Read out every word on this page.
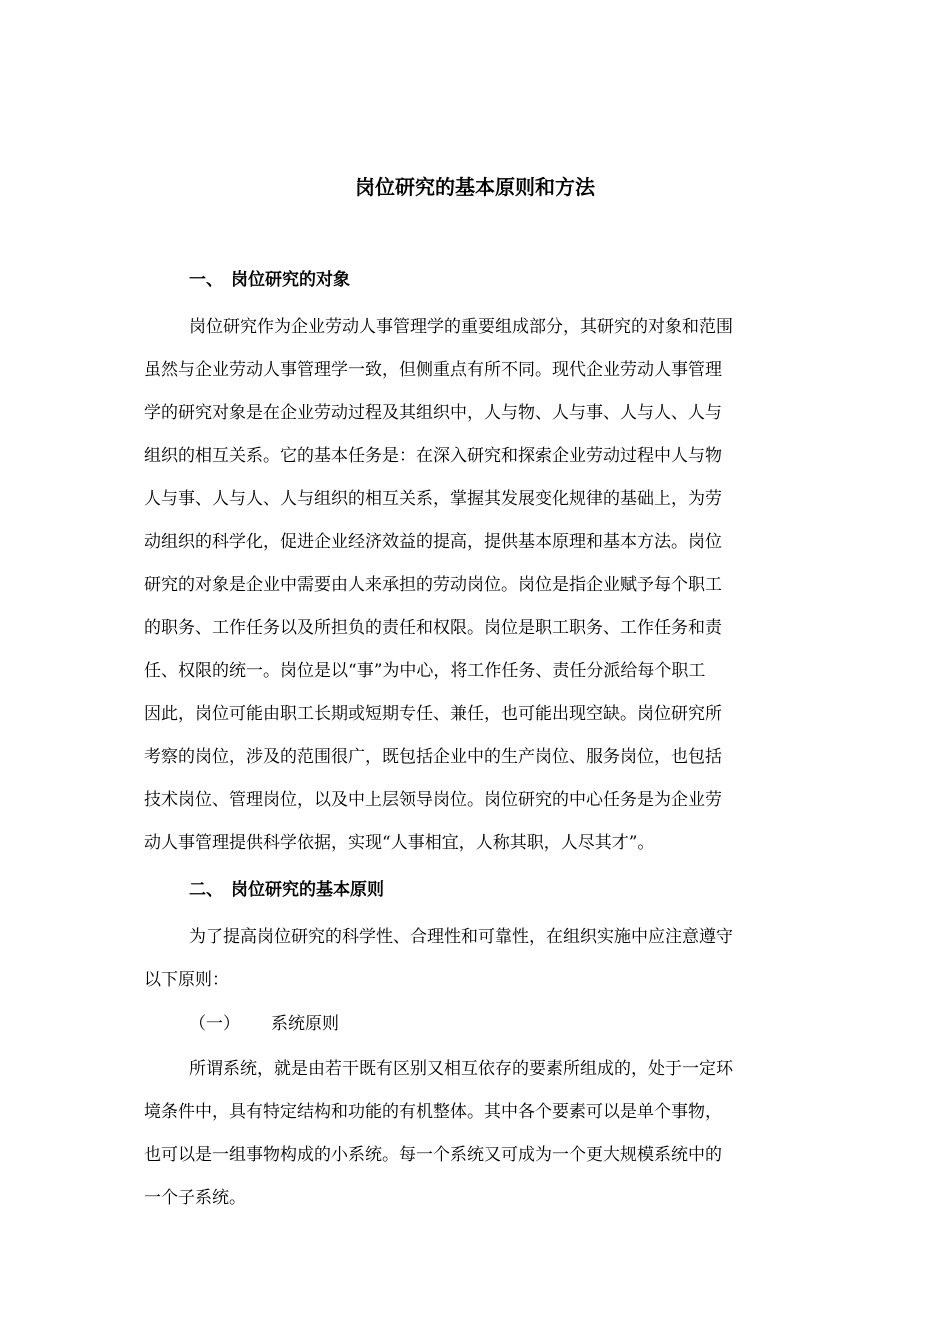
岗位研究的基本原则和方法
一、 岗位研究的对象
岗位研究作为企业劳动人事管理学的重要组成部分，其研究的对象和范围
虽然与企业劳动人事管理学一致，但侧重点有所不同。现代企业劳动人事管理
学的研究对象是在企业劳动过程及其组织中，人与物、人与事、人与人、人与
组织的相互关系。它的基本任务是：在深入研究和探索企业劳动过程中人与物
人与事、人与人、人与组织的相互关系，掌握其发展变化规律的基础上，为劳
动组织的科学化，促进企业经济效益的提高，提供基本原理和基本方法。岗位
研究的对象是企业中需要由人来承担的劳动岗位。岗位是指企业赋予每个职工
的职务、工作任务以及所担负的责任和权限。岗位是职工职务、工作任务和责
任、权限的统一。岗位是以“事”为中心，将工作任务、责任分派给每个职工
因此，岗位可能由职工长期或短期专任、兼任，也可能出现空缺。岗位研究所
考察的岗位，涉及的范围很广，既包括企业中的生产岗位、服务岗位，也包括
技术岗位、管理岗位，以及中上层领导岗位。岗位研究的中心任务是为企业劳
动人事管理提供科学依据，实现“人事相宜，人称其职，人尽其才”。
二、 岗位研究的基本原则
为了提高岗位研究的科学性、合理性和可靠性，在组织实施中应注意遵守
以下原则：
（一） 系统原则
所谓系统，就是由若干既有区别又相互依存的要素所组成的，处于一定环
境条件中，具有特定结构和功能的有机整体。其中各个要素可以是单个事物，
也可以是一组事物构成的小系统。每一个系统又可成为一个更大规模系统中的
一个子系统。
